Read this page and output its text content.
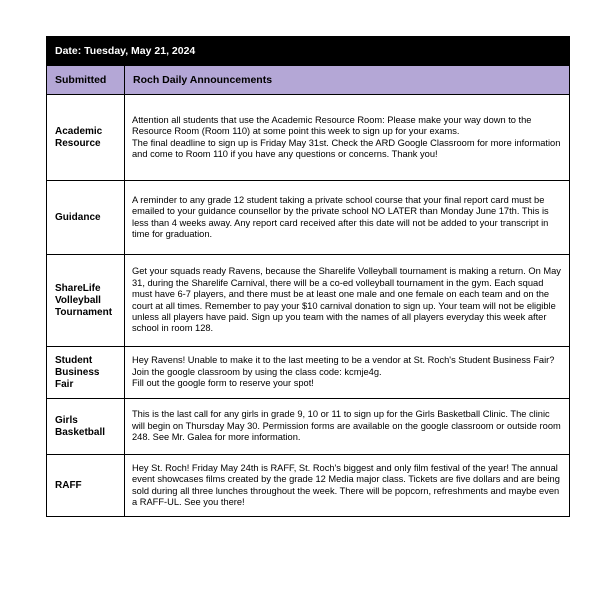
Date: Tuesday, May 21, 2024	
Submitted	Roch Daily Announcements
Academic Resource	Attention all students that use the Academic Resource Room: Please make your way down to the Resource Room (Room 110) at some point this week to sign up for your exams.

The final deadline to sign up is Friday May 31st. Check the ARD Google Classroom for more information and come to Room 110 if you have any questions or concerns. Thank you!

Guidance	A reminder to any grade 12 student taking a private school course that your final report card must be emailed to your guidance counsellor by the private school NO LATER than Monday June 17th. This is less than 4 weeks away. Any report card received after this date will not be added to your transcript in time for graduation.

ShareLife Volleyball Tournament	Get your squads ready Ravens, because the Sharelife Volleyball tournament is making a return. On May 31, during the Sharelife Carnival, there will be a co-ed volleyball tournament in the gym. Each squad must have 6-7 players, and there must be at least one male and one female on each team and on the court at all times. Remember to pay your $10 carnival donation to sign up. Your team will not be eligible unless all players have paid. Sign up you team with the names of all players everyday this week after school in room 128.

Student Business Fair	Hey Ravens! Unable to make it to the last meeting to be a vendor at St. Roch's Student Business Fair? Join the google classroom by using the class code: kcmje4g.

Fill out the google form to reserve your spot!

Girls Basketball	This is the last call for any girls in grade 9, 10 or 11 to sign up for the Girls Basketball Clinic. The clinic will begin on Thursday May 30. Permission forms are available on the google classroom or outside room 248. See Mr. Galea for more information.

RAFF	Hey St. Roch! Friday May 24th is RAFF, St. Roch's biggest and only film festival of the year! The annual event showcases films created by the grade 12 Media major class. Tickets are five dollars and are being sold during all three lunches throughout the week. There will be popcorn, refreshments and maybe even a RAFF-UL. See you there!
